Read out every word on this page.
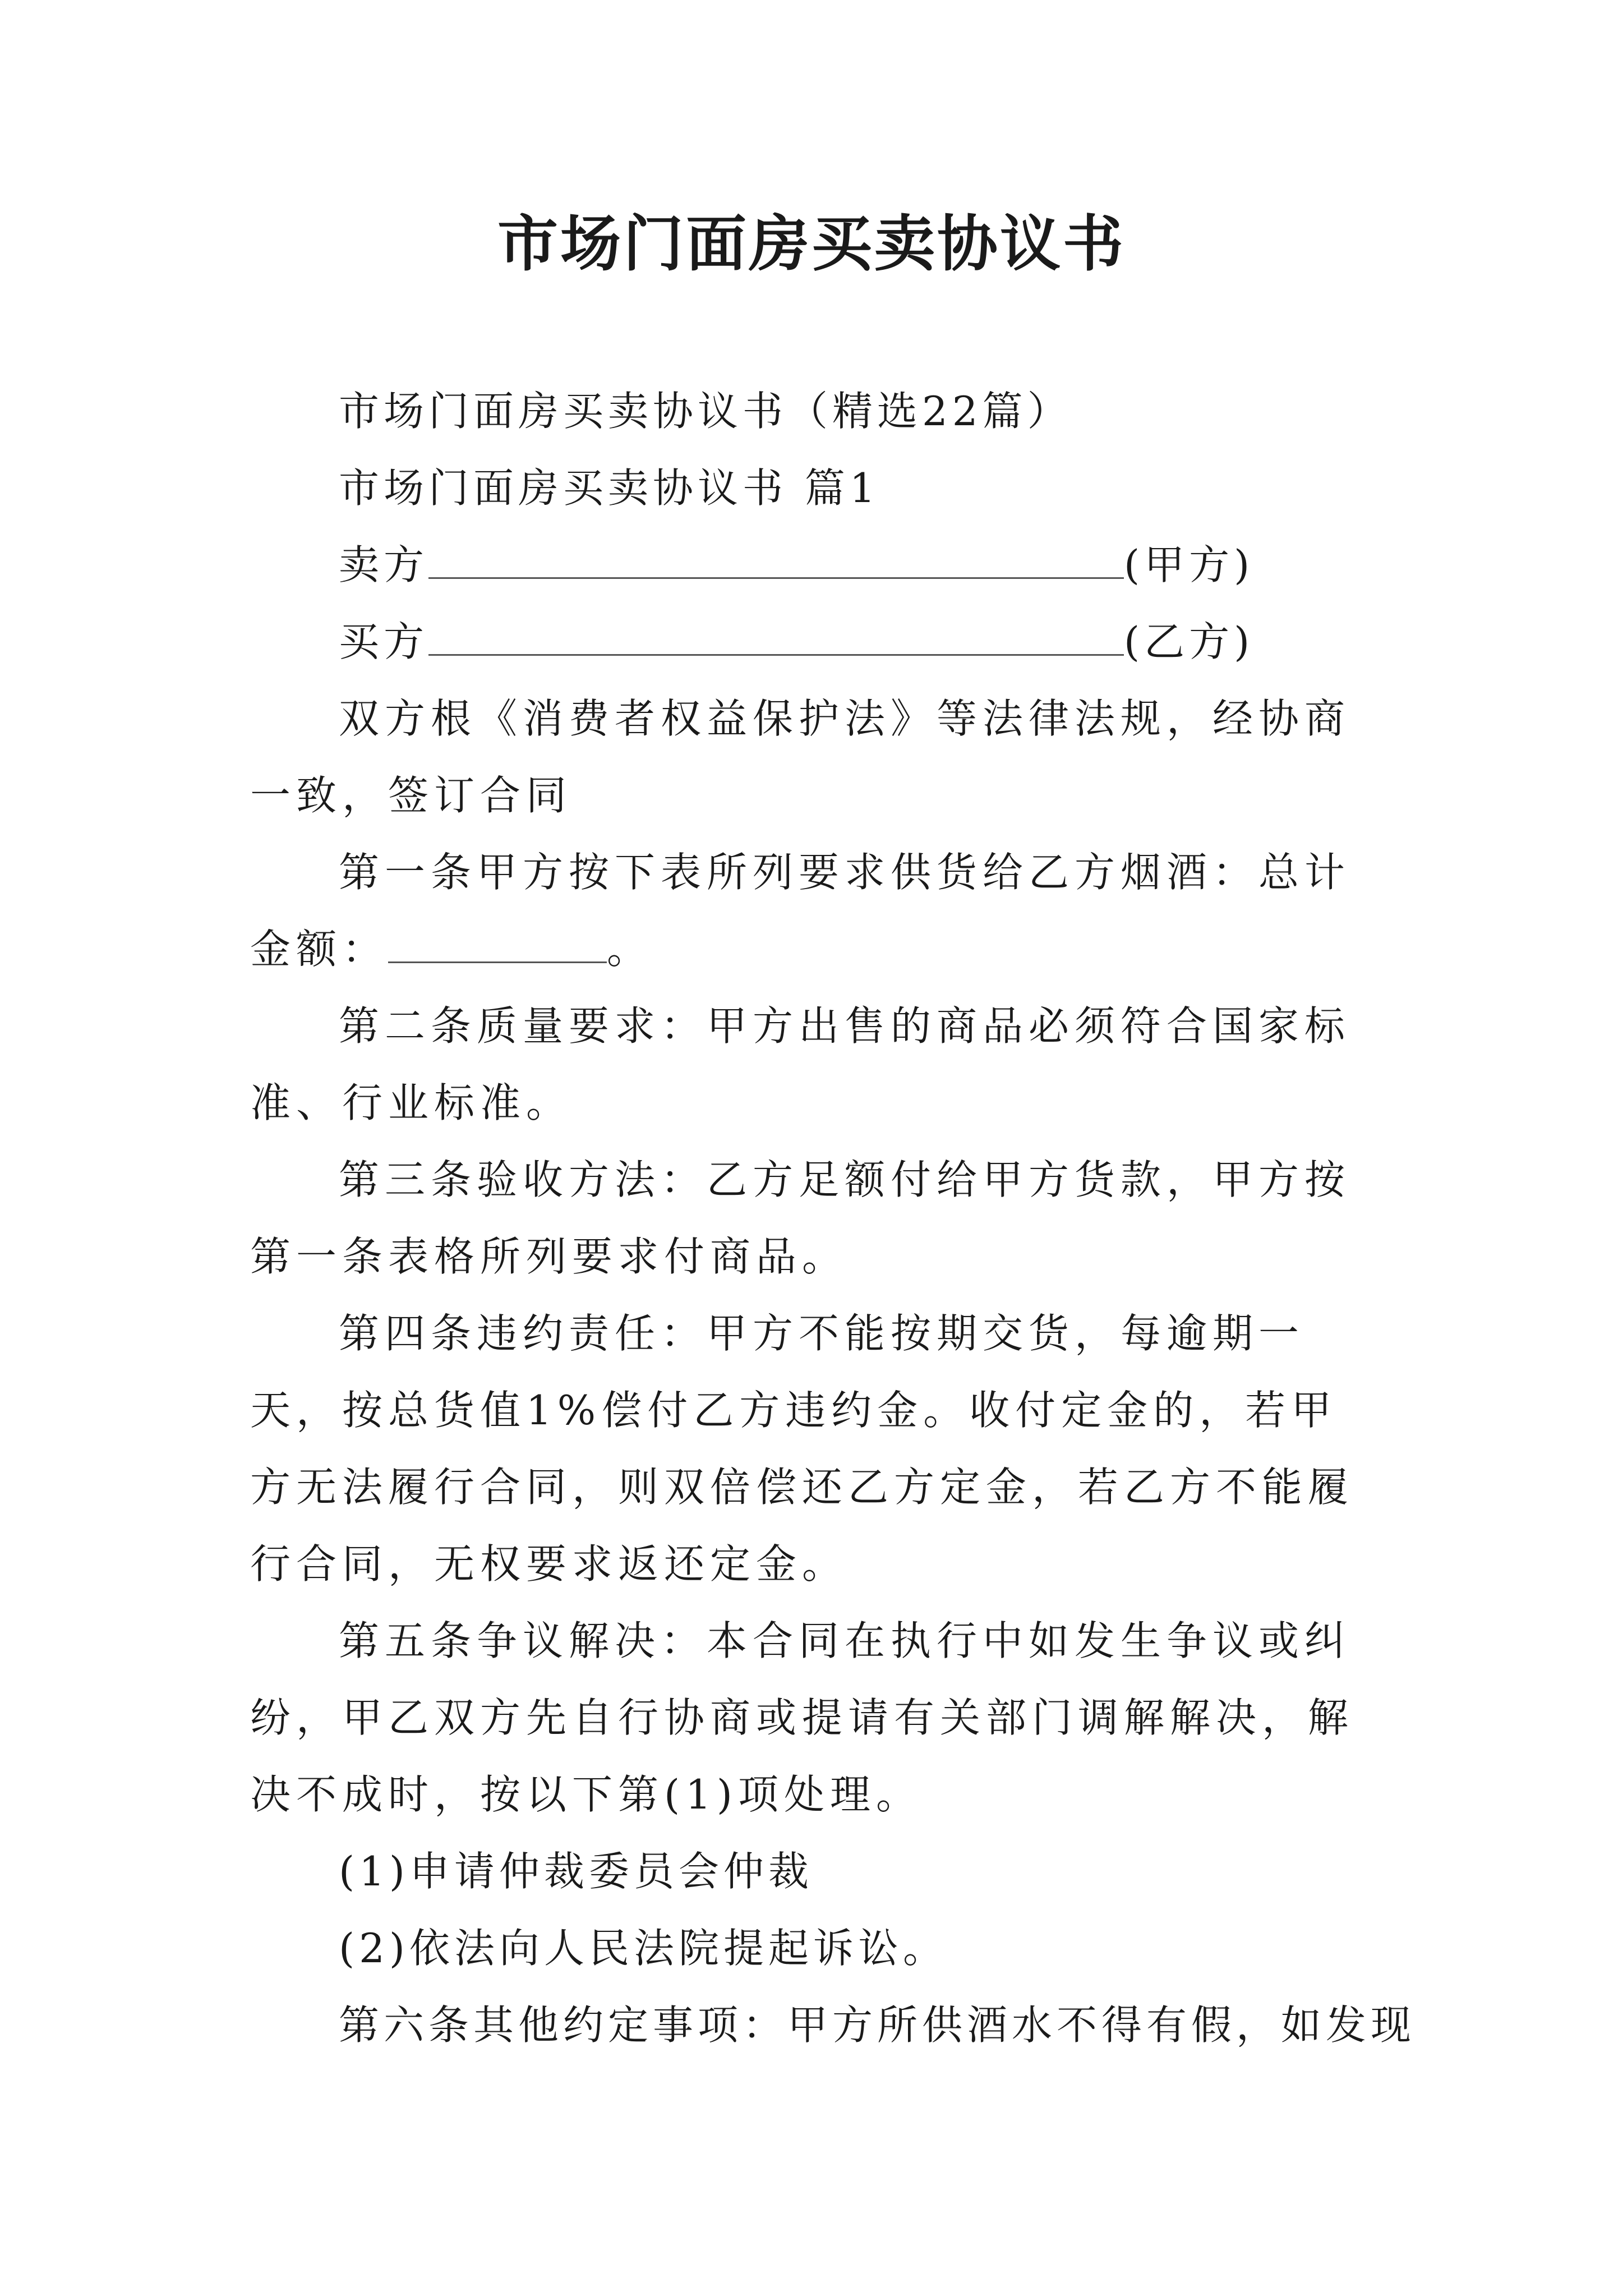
市场门面房买卖协议书

市场门面房买卖协议书（精选22篇）

市场门面房买卖协议书 篇1

卖方	(甲方)

买方	(乙方)

双方根《消费者权益保护法》等法律法规，经协商一致，签订合同

第一条甲方按下表所列要求供货给乙方烟酒：总计金额：	。

第二条质量要求：甲方出售的商品必须符合国家标准、行业标准。

第三条验收方法：乙方足额付给甲方货款，甲方按第一条表格所列要求付商品。

第四条违约责任：甲方不能按期交货，每逾期一天，按总货值1%偿付乙方违约金。收付定金的，若甲方无法履行合同，则双倍偿还乙方定金，若乙方不能履行合同，无权要求返还定金。

第五条争议解决：本合同在执行中如发生争议或纠纷，甲乙双方先自行协商或提请有关部门调解解决，解决不成时，按以下第(1)项处理。

(1)申请仲裁委员会仲裁

(2)依法向人民法院提起诉讼。

第六条其他约定事项：甲方所供酒水不得有假，如发现
